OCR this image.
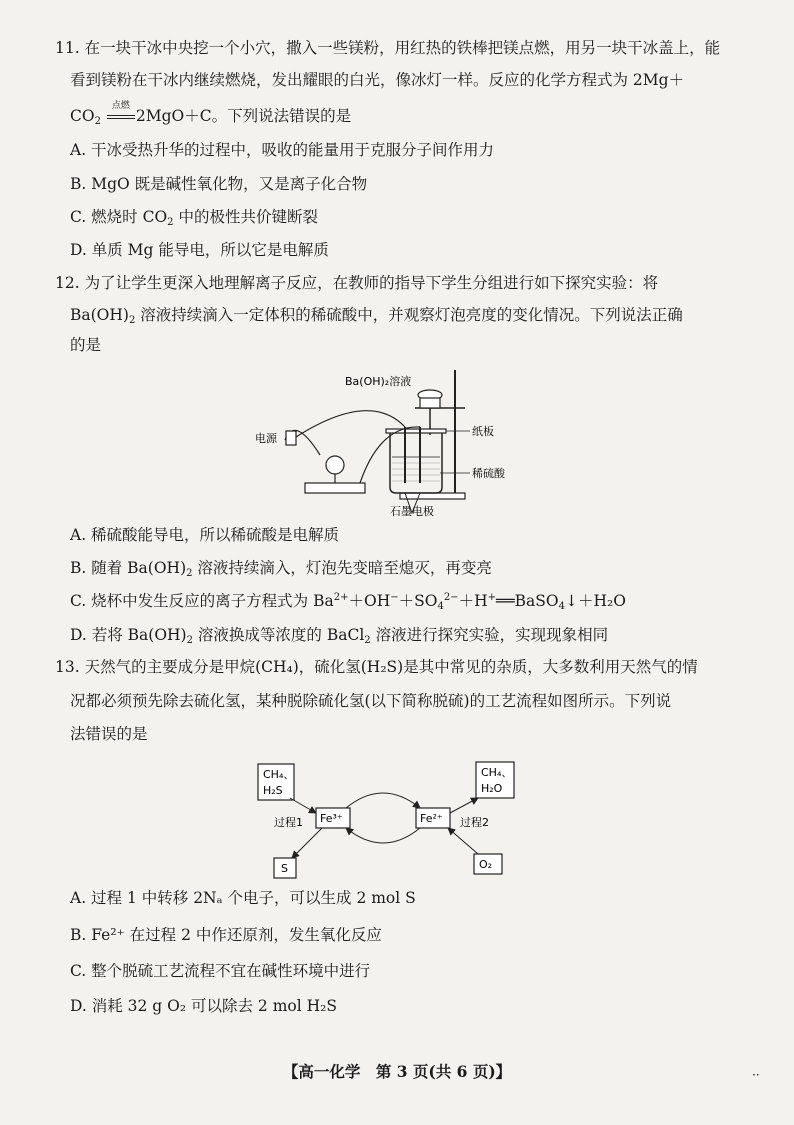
11. 在一块干冰中央挖一个小穴，撒入一些镁粉，用红热的铁棒把镁点燃，用另一块干冰盖上，能
看到镁粉在干冰内继续燃烧，发出耀眼的白光，像冰灯一样。反应的化学方程式为 2Mg＋
CO2
点燃
2MgO＋C。下列说法错误的是
A. 干冰受热升华的过程中，吸收的能量用于克服分子间作用力
B. MgO 既是碱性氧化物，又是离子化合物
C. 燃烧时 CO2 中的极性共价键断裂
D. 单质 Mg 能导电，所以它是电解质
12. 为了让学生更深入地理解离子反应，在教师的指导下学生分组进行如下探究实验：将
Ba(OH)2 溶液持续滴入一定体积的稀硫酸中，并观察灯泡亮度的变化情况。下列说法正确
的是
Ba(OH)₂溶液
电源
纸板
稀硫酸
石墨电极
A. 稀硫酸能导电，所以稀硫酸是电解质
B. 随着 Ba(OH)2 溶液持续滴入，灯泡先变暗至熄灭，再变亮
C. 烧杯中发生反应的离子方程式为 $Ba^{2+}+OH^-+SO4^{2-}+H^+══BaSO4↓+H_2O$
D. 若将 Ba(OH)2 溶液换成等浓度的 BaCl2 溶液进行探究实验，实现现象相同
13. 天然气的主要成分是甲烷(CH₄)，硫化氢(H₂S)是其中常见的杂质，大多数利用天然气的情
况都必须预先除去硫化氢，某种脱除硫化氢(以下简称脱硫)的工艺流程如图所示。下列说
法错误的是
CH₄、
H₂S
CH₄、
H₂O
Fe³⁺	Fe²⁺
过程1	过程2
S	O₂
A. 过程 1 中转移 2Nₐ 个电子，可以生成 2 mol S
B. Fe²⁺ 在过程 2 中作还原剂，发生氧化反应
C. 整个脱硫工艺流程不宜在碱性环境中进行
D. 消耗 32 g O₂ 可以除去 2 mol H₂S
【高一化学　第 3 页(共 6 页)】	··
